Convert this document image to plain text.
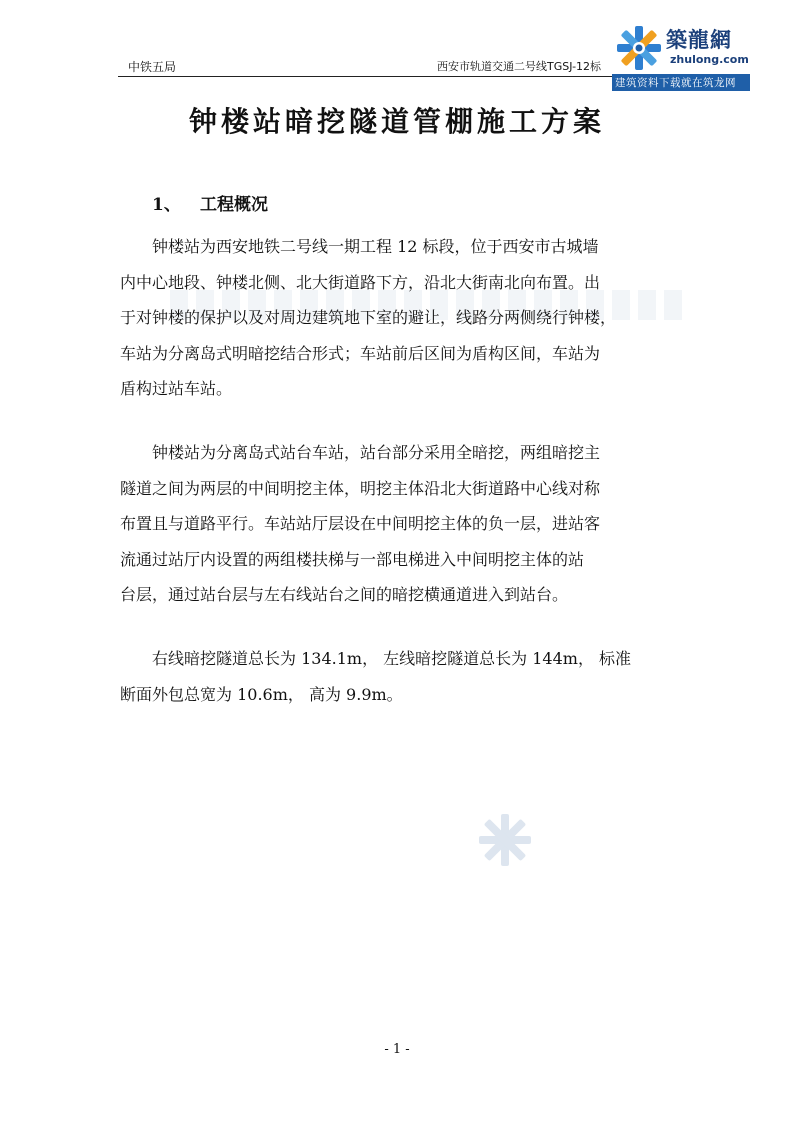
中铁五局	西安市轨道交通二号线TGSJ-12标
築龍網
zhulong.com
建筑资料下载就在筑龙网
钟楼站暗挖隧道管棚施工方案
1、 工程概况
钟楼站为西安地铁二号线一期工程 12 标段，位于西安市古城墙
内中心地段、钟楼北侧、北大街道路下方，沿北大街南北向布置。出
于对钟楼的保护以及对周边建筑地下室的避让，线路分两侧绕行钟楼，
车站为分离岛式明暗挖结合形式；车站前后区间为盾构区间，车站为
盾构过站车站。
钟楼站为分离岛式站台车站，站台部分采用全暗挖，两组暗挖主
隧道之间为两层的中间明挖主体，明挖主体沿北大街道路中心线对称
布置且与道路平行。车站站厅层设在中间明挖主体的负一层，进站客
流通过站厅内设置的两组楼扶梯与一部电梯进入中间明挖主体的站
台层，通过站台层与左右线站台之间的暗挖横通道进入到站台。
右线暗挖隧道总长为 134.1m， 左线暗挖隧道总长为 144m， 标准
断面外包总宽为 10.6m， 高为 9.9m。
- 1 -
